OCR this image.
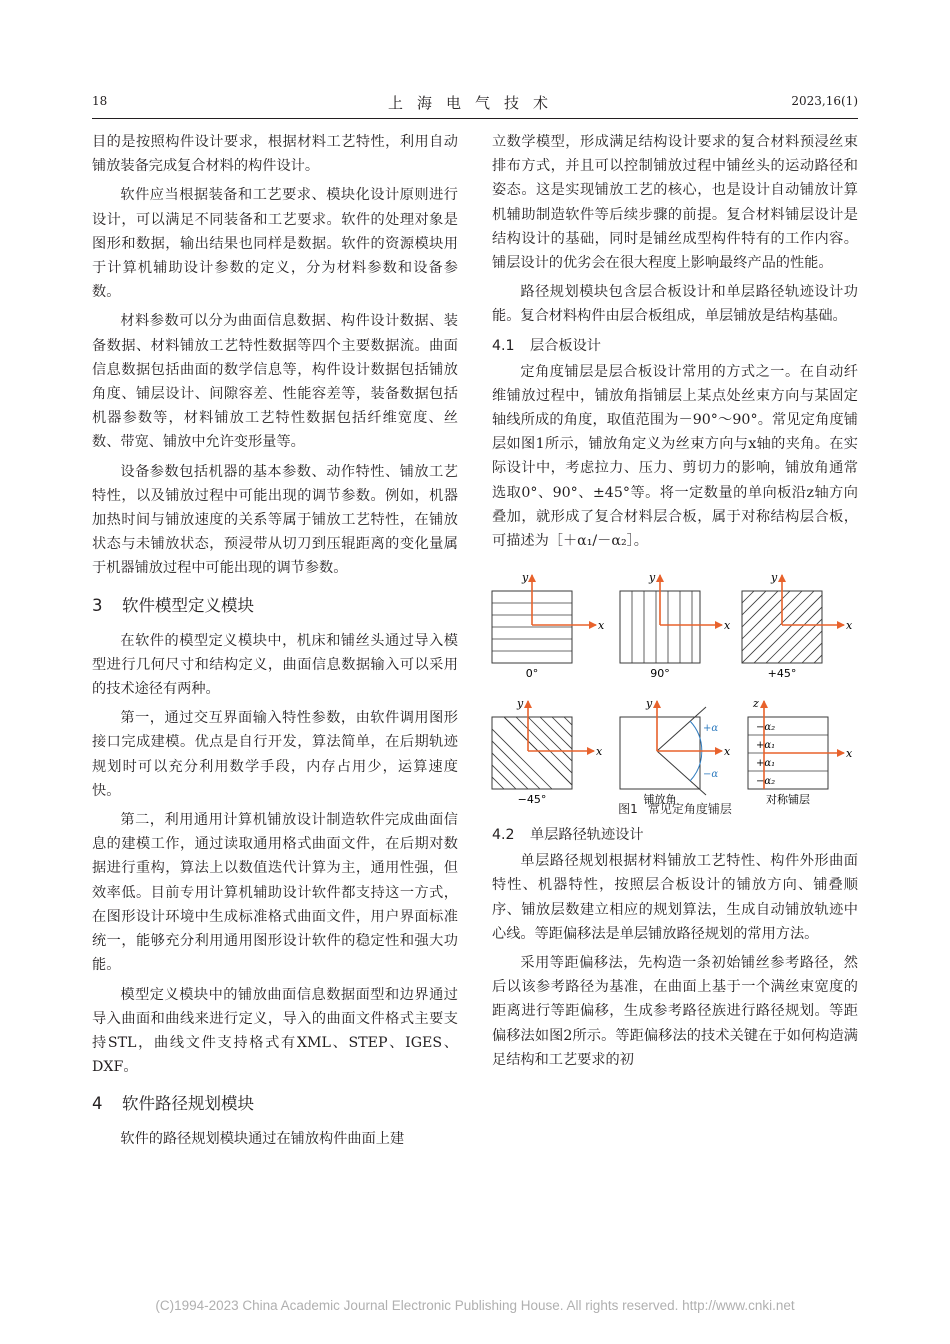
18	上海电气技术	2023,16(1)

目的是按照构件设计要求，根据材料工艺特性，利用自动铺放装备完成复合材料的构件设计。

软件应当根据装备和工艺要求、模块化设计原则进行设计，可以满足不同装备和工艺要求。软件的处理对象是图形和数据，输出结果也同样是数据。软件的资源模块用于计算机辅助设计参数的定义，分为材料参数和设备参数。

材料参数可以分为曲面信息数据、构件设计数据、装备数据、材料铺放工艺特性数据等四个主要数据流。曲面信息数据包括曲面的数学信息等，构件设计数据包括铺放角度、铺层设计、间隙容差、性能容差等，装备数据包括机器参数等，材料铺放工艺特性数据包括纤维宽度、丝数、带宽、铺放中允许变形量等。

设备参数包括机器的基本参数、动作特性、铺放工艺特性，以及铺放过程中可能出现的调节参数。例如，机器加热时间与铺放速度的关系等属于铺放工艺特性，在铺放状态与未铺放状态，预浸带从切刀到压辊距离的变化量属于机器铺放过程中可能出现的调节参数。

3 软件模型定义模块

在软件的模型定义模块中，机床和铺丝头通过导入模型进行几何尺寸和结构定义，曲面信息数据输入可以采用的技术途径有两种。

第一，通过交互界面输入特性参数，由软件调用图形接口完成建模。优点是自行开发，算法简单，在后期轨迹规划时可以充分利用数学手段，内存占用少，运算速度快。

第二，利用通用计算机铺放设计制造软件完成曲面信息的建模工作，通过读取通用格式曲面文件，在后期对数据进行重构，算法上以数值迭代计算为主，通用性强，但效率低。目前专用计算机辅助设计软件都支持这一方式，在图形设计环境中生成标准格式曲面文件，用户界面标准统一，能够充分利用通用图形设计软件的稳定性和强大功能。

模型定义模块中的铺放曲面信息数据面型和边界通过导入曲面和曲线来进行定义，导入的曲面文件格式主要支持STL，曲线文件支持格式有XML、STEP、IGES、DXF。

4 软件路径规划模块

软件的路径规划模块通过在铺放构件曲面上建

立数学模型，形成满足结构设计要求的复合材料预浸丝束排布方式，并且可以控制铺放过程中铺丝头的运动路径和姿态。这是实现铺放工艺的核心，也是设计自动铺放计算机辅助制造软件等后续步骤的前提。复合材料铺层设计是结构设计的基础，同时是铺丝成型构件特有的工作内容。铺层设计的优劣会在很大程度上影响最终产品的性能。

路径规划模块包含层合板设计和单层路径轨迹设计功能。复合材料构件由层合板组成，单层铺放是结构基础。

4.1 层合板设计

定角度铺层是层合板设计常用的方式之一。在自动纤维铺放过程中，铺放角指铺层上某点处丝束方向与某固定轴线所成的角度，取值范围为－90°～90°。常见定角度铺层如图1所示，铺放角定义为丝束方向与x轴的夹角。在实际设计中，考虑拉力、压力、剪切力的影响，铺放角通常选取0°、90°、±45°等。将一定数量的单向板沿z轴方向叠加，就形成了复合材料层合板，属于对称结构层合板，可描述为［＋α₁/－α₂］。

y
x
0°
y
x
90°
y
x
+45°
y
x
−45°
y
x
+α
−α
铺放角
z
x
−α₂
+α₁
+α₁
−α₂
对称铺层
图1 常见定角度铺层
4.2 单层路径轨迹设计

单层路径规划根据材料铺放工艺特性、构件外形曲面特性、机器特性，按照层合板设计的铺放方向、铺叠顺序、铺放层数建立相应的规划算法，生成自动铺放轨迹中心线。等距偏移法是单层铺放路径规划的常用方法。

采用等距偏移法，先构造一条初始铺丝参考路径，然后以该参考路径为基准，在曲面上基于一个满丝束宽度的距离进行等距偏移，生成参考路径族进行路径规划。等距偏移法如图2所示。等距偏移法的技术关键在于如何构造满足结构和工艺要求的初

(C)1994-2023 China Academic Journal Electronic Publishing House. All rights reserved. http://www.cnki.net
